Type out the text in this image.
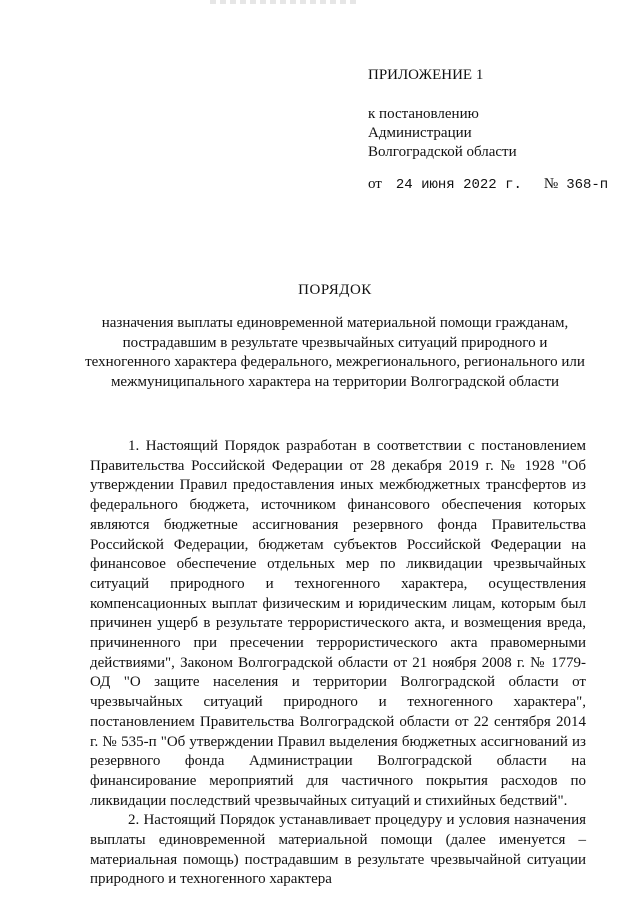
ПРИЛОЖЕНИЕ 1
к постановлению
Администрации
Волгоградской области
от 24 июня 2022 г. № 368-п
ПОРЯДОК
назначения выплаты единовременной материальной помощи гражданам, пострадавшим в результате чрезвычайных ситуаций природного и техногенного характера федерального, межрегионального, регионального или межмуниципального характера на территории Волгоградской области

1. Настоящий Порядок разработан в соответствии с постановлением Правительства Российской Федерации от 28 декабря 2019 г. № 1928 "Об утверждении Правил предоставления иных межбюджетных трансфертов из федерального бюджета, источником финансового обеспечения которых являются бюджетные ассигнования резервного фонда Правительства Российской Федерации, бюджетам субъектов Российской Федерации на финансовое обеспечение отдельных мер по ликвидации чрезвычайных ситуаций природного и техногенного характера, осуществления компенсационных выплат физическим и юридическим лицам, которым был причинен ущерб в результате террористического акта, и возмещения вреда, причиненного при пресечении террористического акта правомерными действиями", Законом Волгоградской области от 21 ноября 2008 г. № 1779-ОД "О защите населения и территории Волгоградской области от чрезвычайных ситуаций природного и техногенного характера", постановлением Правительства Волгоградской области от 22 сентября 2014 г. № 535-п "Об утверждении Правил выделения бюджетных ассигнований из резервного фонда Администрации Волгоградской области на финансирование мероприятий для частичного покрытия расходов по ликвидации последствий чрезвычайных ситуаций и стихийных бедствий".

2. Настоящий Порядок устанавливает процедуру и условия назначения выплаты единовременной материальной помощи (далее именуется – материальная помощь) пострадавшим в результате чрезвычайной ситуации природного и техногенного характера
